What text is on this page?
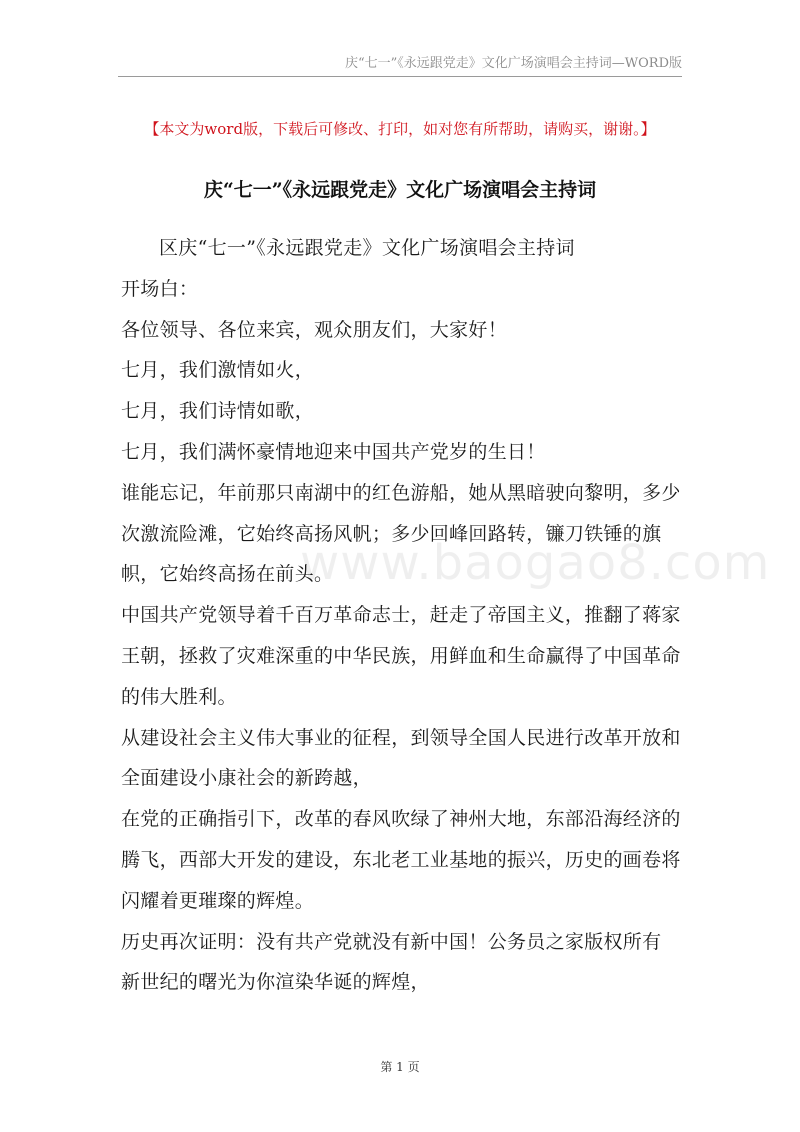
庆“七一”《永远跟党走》文化广场演唱会主持词—WORD版
【本文为word版，下载后可修改、打印，如对您有所帮助，请购买，谢谢。】
庆“七一”《永远跟党走》文化广场演唱会主持词

区庆“七一”《永远跟党走》文化广场演唱会主持词

开场白：

各位领导、各位来宾，观众朋友们，大家好！

七月，我们激情如火，

七月，我们诗情如歌，

七月，我们满怀豪情地迎来中国共产党岁的生日！

谁能忘记，年前那只南湖中的红色游船，她从黑暗驶向黎明，多少次激流险滩，它始终高扬风帆；多少回峰回路转，镰刀铁锤的旗帜，它始终高扬在前头。

中国共产党领导着千百万革命志士，赶走了帝国主义，推翻了蒋家王朝，拯救了灾难深重的中华民族，用鲜血和生命赢得了中国革命的伟大胜利。

从建设社会主义伟大事业的征程，到领导全国人民进行改革开放和全面建设小康社会的新跨越，

在党的正确指引下，改革的春风吹绿了神州大地，东部沿海经济的腾飞，西部大开发的建设，东北老工业基地的振兴，历史的画卷将闪耀着更璀璨的辉煌。

历史再次证明：没有共产党就没有新中国！公务员之家版权所有

新世纪的曙光为你渲染华诞的辉煌，

www.baogao8.com
第 1 页
